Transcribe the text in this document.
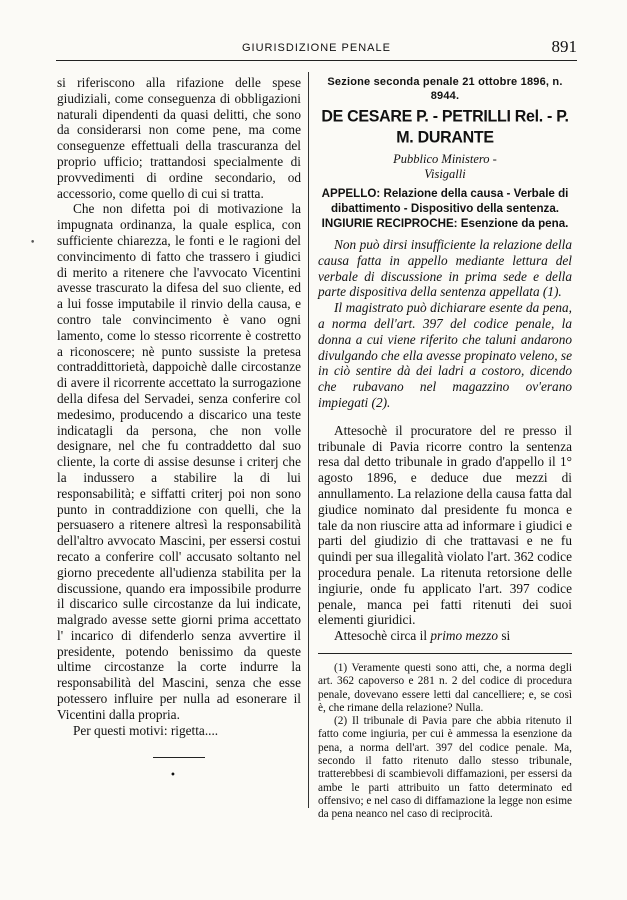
GIURISDIZIONE PENALE	891
•

si riferiscono alla rifazione delle spese giudiziali, come conseguenza di obbligazioni naturali dipendenti da quasi delitti, che sono da considerarsi non come pene, ma come conseguenze effettuali della trascuranza del proprio ufficio; trattandosi specialmente di provvedimenti di ordine secondario, od accessorio, come quello di cui si tratta.

Che non difetta poi di motivazione la impugnata ordinanza, la quale esplica, con sufficiente chiarezza, le fonti e le ragioni del convincimento di fatto che trassero i giudici di merito a ritenere che l'avvocato Vicentini avesse trascurato la difesa del suo cliente, ed a lui fosse imputabile il rinvio della causa, e contro tale convincimento è vano ogni lamento, come lo stesso ricorrente è costretto a riconoscere; nè punto sussiste la pretesa contraddittorietà, dappoichè dalle circostanze di avere il ricorrente accettato la surrogazione della difesa del Servadei, senza conferire col medesimo, producendo a discarico una teste indicatagli da persona, che non volle designare, nel che fu contraddetto dal suo cliente, la corte di assise desunse i criterj che la indussero a stabilire la di lui responsabilità; e siffatti criterj poi non sono punto in contraddizione con quelli, che la persuasero a ritenere altresì la responsabilità dell'altro avvocato Mascini, per essersi costui recato a conferire coll' accusato soltanto nel giorno precedente all'udienza stabilita per la discussione, quando era impossibile produrre il discarico sulle circostanze da lui indicate, malgrado avesse sette giorni prima accettato l' incarico di difenderlo senza avvertire il presidente, potendo benissimo da queste ultime circostanze la corte indurre la responsabilità del Mascini, senza che esse potessero influire per nulla ad esonerare il Vicentini dalla propria.

Per questi motivi: rigetta....

•
Sezione seconda penale 21 ottobre 1896, n. 8944.
DE CESARE P. - PETRILLI Rel. - P. M. DURANTE
Pubblico Ministero -
Visigalli
APPELLO: Relazione della causa - Verbale di dibattimento - Dispositivo della sentenza.
INGIURIE RECIPROCHE: Esenzione da pena.

Non può dirsi insufficiente la relazione della causa fatta in appello mediante lettura del verbale di discussione in prima sede e della parte dispositiva della sentenza appellata (1).

Il magistrato può dichiarare esente da pena, a norma dell'art. 397 del codice penale, la donna a cui viene riferito che taluni andarono divulgando che ella avesse propinato veleno, se in ciò sentire dà dei ladri a costoro, dicendo che rubavano nel magazzino ov'erano impiegati (2).

Attesochè il procuratore del re presso il tribunale di Pavia ricorre contro la sentenza resa dal detto tribunale in grado d'appello il 1° agosto 1896, e deduce due mezzi di annullamento. La relazione della causa fatta dal giudice nominato dal presidente fu monca e tale da non riuscire atta ad informare i giudici e parti del giudizio di che trattavasi e ne fu quindi per sua illegalità violato l'art. 362 codice procedura penale. La ritenuta retorsione delle ingiurie, onde fu applicato l'art. 397 codice penale, manca pei fatti ritenuti dei suoi elementi giuridici.

Attesochè circa il primo mezzo si

(1) Veramente questi sono atti, che, a norma degli art. 362 capoverso e 281 n. 2 del codice di procedura penale, dovevano essere letti dal cancelliere; e, se così è, che rimane della relazione? Nulla.

(2) Il tribunale di Pavia pare che abbia ritenuto il fatto come ingiuria, per cui è ammessa la esenzione da pena, a norma dell'art. 397 del codice penale. Ma, secondo il fatto ritenuto dallo stesso tribunale, tratterebbesi di scambievoli diffamazioni, per essersi da ambe le parti attribuito un fatto determinato ed offensivo; e nel caso di diffamazione la legge non esime da pena neanco nel caso di reciprocità.
